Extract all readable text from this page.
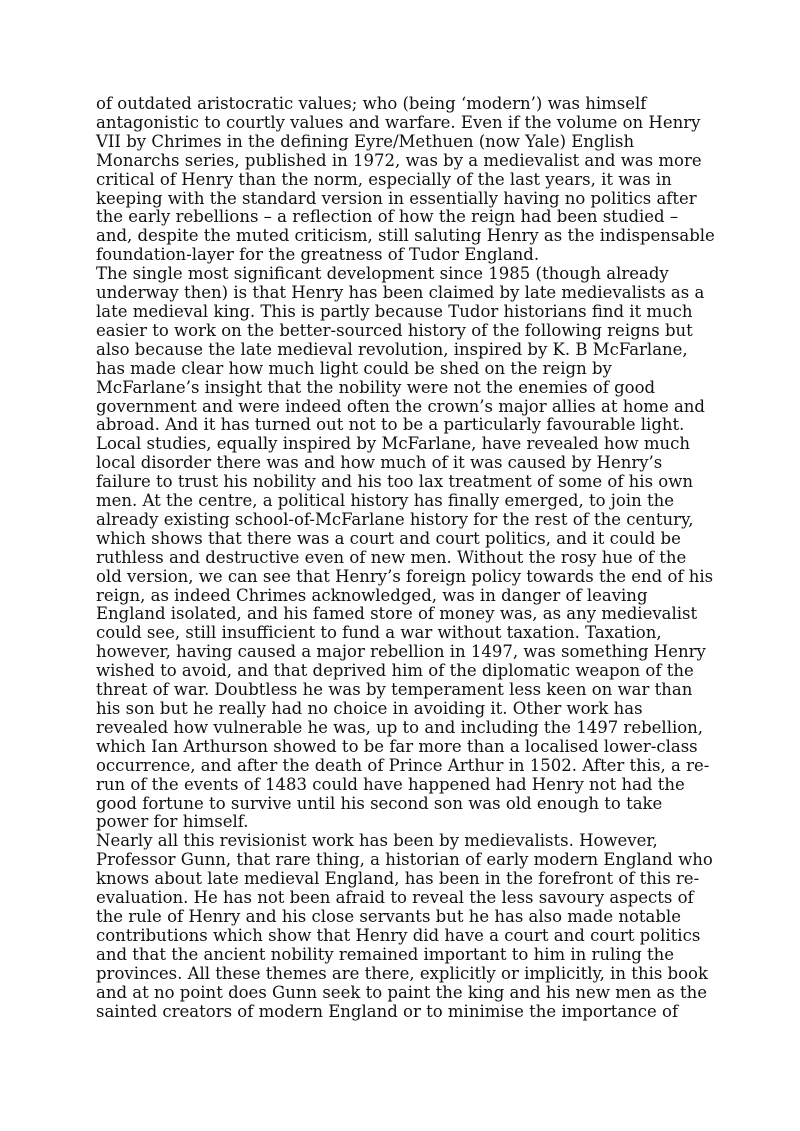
of outdated aristocratic values; who (being ‘modern’) was himself
antagonistic to courtly values and warfare. Even if the volume on Henry
VII by Chrimes in the defining Eyre/Methuen (now Yale) English
Monarchs series, published in 1972, was by a medievalist and was more
critical of Henry than the norm, especially of the last years, it was in
keeping with the standard version in essentially having no politics after
the early rebellions – a reflection of how the reign had been studied –
and, despite the muted criticism, still saluting Henry as the indispensable
foundation-layer for the greatness of Tudor England.
The single most significant development since 1985 (though already
underway then) is that Henry has been claimed by late medievalists as a
late medieval king. This is partly because Tudor historians find it much
easier to work on the better-sourced history of the following reigns but
also because the late medieval revolution, inspired by K. B McFarlane,
has made clear how much light could be shed on the reign by
McFarlane’s insight that the nobility were not the enemies of good
government and were indeed often the crown’s major allies at home and
abroad. And it has turned out not to be a particularly favourable light.
Local studies, equally inspired by McFarlane, have revealed how much
local disorder there was and how much of it was caused by Henry’s
failure to trust his nobility and his too lax treatment of some of his own
men. At the centre, a political history has finally emerged, to join the
already existing school-of-McFarlane history for the rest of the century,
which shows that there was a court and court politics, and it could be
ruthless and destructive even of new men. Without the rosy hue of the
old version, we can see that Henry’s foreign policy towards the end of his
reign, as indeed Chrimes acknowledged, was in danger of leaving
England isolated, and his famed store of money was, as any medievalist
could see, still insufficient to fund a war without taxation. Taxation,
however, having caused a major rebellion in 1497, was something Henry
wished to avoid, and that deprived him of the diplomatic weapon of the
threat of war. Doubtless he was by temperament less keen on war than
his son but he really had no choice in avoiding it. Other work has
revealed how vulnerable he was, up to and including the 1497 rebellion,
which Ian Arthurson showed to be far more than a localised lower-class
occurrence, and after the death of Prince Arthur in 1502. After this, a re-
run of the events of 1483 could have happened had Henry not had the
good fortune to survive until his second son was old enough to take
power for himself.
Nearly all this revisionist work has been by medievalists. However,
Professor Gunn, that rare thing, a historian of early modern England who
knows about late medieval England, has been in the forefront of this re-
evaluation. He has not been afraid to reveal the less savoury aspects of
the rule of Henry and his close servants but he has also made notable
contributions which show that Henry did have a court and court politics
and that the ancient nobility remained important to him in ruling the
provinces. All these themes are there, explicitly or implicitly, in this book
and at no point does Gunn seek to paint the king and his new men as the
sainted creators of modern England or to minimise the importance of
